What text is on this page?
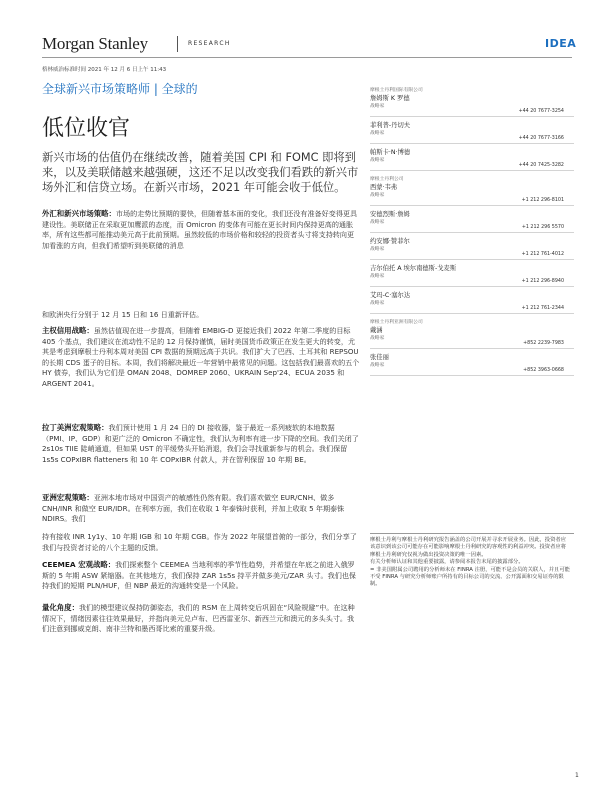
Morgan Stanley	RESEARCH	IDEA
格林威治标准时间 2021 年 12 月 6 日上午 11:43
全球新兴市场策略师 | 全球的
低位收官
新兴市场的估值仍在继续改善，随着美国 CPI 和 FOMC 即将到来，以及美联储越来越强硬，这还不足以改变我们看跌的新兴市场外汇和信贷立场。在新兴市场，2021 年可能会收于低位。
外汇和新兴市场策略：市场的走势比预期的要快，但随着基本面的变化，我们还没有准备好变得更具建设性。美联储正在采取更加鹰派的态度，而 Omicron 的变体有可能在更长时间内保持更高的通胀率，所有这些都可能推动美元高于此前预期。虽然较低的市场价格和较轻的投资者头寸将支持转向更加看涨的方向，但我们希望听到美联储的消息
和欧洲央行分别于 12 月 15 日和 16 日重新评估。
主权信用战略：虽然估值现在进一步提高，但随着 EMBIG-D 更接近我们 2022 年第二季度的目标 405 个基点，我们建议在流动性不足的 12 月保持谨慎，届时美国货币政策正在发生更大的转变，尤其是考虑到摩根士丹利本周对美国 CPI 数据的预期远高于共识。我们扩大了巴西、土耳其和 REPSOU 的长期 CDS 蛋子的目标。本周，我们将解决最近一年营销中最常见的问题。这包括我们最喜欢的五个 HY 债券，我们认为它们是 OMAN 2048、DOMREP 2060、UKRAIN Sep'24、ECUA 2035 和 ARGENT 2041。
拉丁美洲宏观策略：我们预计使用 1 月 24 日的 DI 接收器，鉴于最近一系列疲软的本地数据（PMI、IP、GDP）和更广泛的 Omicron 不确定性，我们认为利率有进一步下降的空间。我们关闭了 2s10s TIIE 陡峭通道，但如果 UST 的平缓势头开始消退，我们会寻找重新参与的机会。我们保留 1s5s COPxIBR flatteners 和 10 年 COPxIBR 付款人，并在智利保留 10 年期 BE。
亚洲宏观策略：亚洲本地市场对中国资产的敏感性仍然有限。我们喜欢做空 EUR/CNH、做多 CNH/INR 和做空 EUR/IDR。在利率方面，我们在收取 1 年泰铢时获利，并加上收取 5 年期泰铢 NDIRS。我们
持有接收 INR 1y1y、10 年期 IGB 和 10 年期 CGB。作为 2022 年展望首俯的一部分，我们分享了我们与投资者讨论的八个主题的反馈。
CEEMEA 宏观战略：我们探索整个 CEEMEA 当地利率的季节性趋势，并希望在年底之前进入俄罗斯的 5 年期 ASW 紧缩器。在其他地方，我们保持 ZAR 1s5s 持平并做多美元/ZAR 头寸。我们也保持我们的短期 PLN/HUF，但 NBP 最近的沟通转变是一个风险。
量化角度：我们的模型建议保持防御姿态，我们的 RSM 在上周转变后巩固在“风险规避”中。在这种情况下，情绪因素往往效果最好，并指向美元兑卢布、巴西雷亚尔、新西兰元和澳元的多头头寸。我们注意到挪威克朗、南非兰特和墨西哥比索的重要升级。
摩根士丹利国际有限公司
詹姆斯 K 罗德
战略家
+44 20 7677-3254
菲利普-丹切夫
战略家
+44 20 7677-3166
帕斯卡·N·博德
战略家
+44 20 7425-3282
摩根士丹利公司
西蒙·韦弗
战略家
+1 212 296-8101
安德烈斯·詹姆
战略家
+1 212 296 5570
约安娜·赞菲尔
战略家
+1 212 761-4012
吉尔伯托 A 埃尔南德斯-戈麦斯
战略家
+1 212 296-8940
艾玛-C·塞尔达
战略家
+1 212 761-2344
摩根士丹利亚洲有限公司
戴涵
战略家
+852 2239-7983
张佳丽
战略家
+852 3963-0668
摩根士丹利与摩根士丹利研究报告涵盖的公司开展并寻求开展业务。因此，投资者应该意识到该公司可能存在可能影响摩根士丹利研究的客观性的利益冲突。投资者应将摩根士丹利研究仅视为做出投资决策的唯一因素。
有关分析师认证和其他重要披露，请参阅本报告末尾的披露部分。
= 非美国附属公司聘用的分析师未在 FINRA 注册，可能不是会员的关联人，并且可能不受 FINRA 与研究分析师账户所持有的目标公司的交流、公开露面和交易证券的限制。
1
